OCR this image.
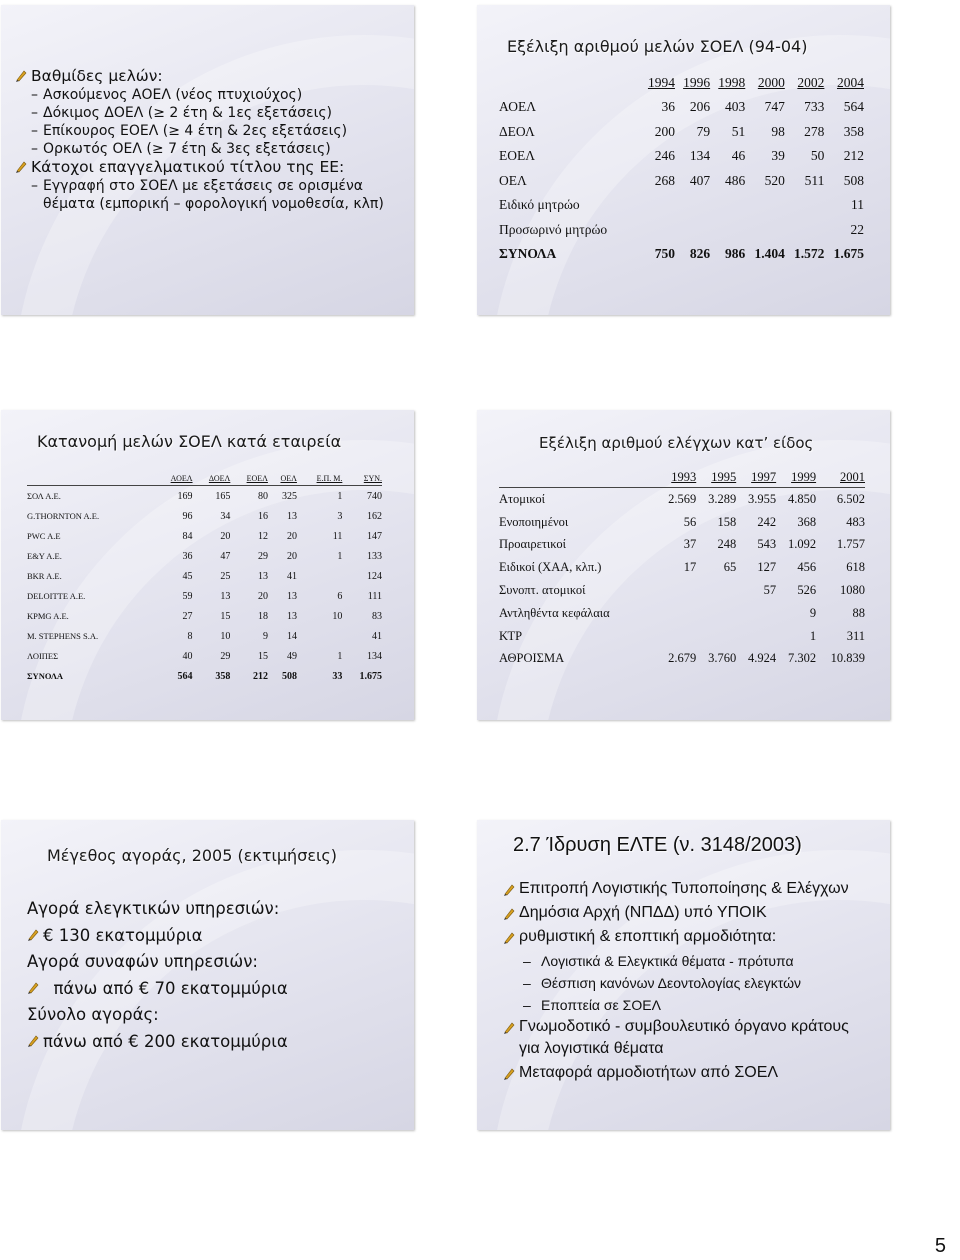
Βαθμίδες μελών:
– Ασκούμενος ΑΟΕΛ (νέος πτυχιούχος)
– Δόκιμος ΔΟΕΛ (≥ 2 έτη & 1ες εξετάσεις)
– Επίκουρος ΕΟΕΛ (≥ 4 έτη & 2ες εξετάσεις)
– Ορκωτός ΟΕΛ (≥ 7 έτη & 3ες εξετάσεις)
Κάτοχοι επαγγελματικού τίτλου της ΕΕ:
– Εγγραφή στο ΣΟΕΛ με εξετάσεις σε ορισμένα θέματα (εμπορική – φορολογική νομοθεσία, κλπ)
Εξέλιξη αριθμού μελών ΣΟΕΛ (94-04)
	1994	1996	1998	2000	2002	2004
ΑΟΕΛ	36	206	403	747	733	564
ΔΕΟΛ	200	79	51	98	278	358
ΕΟΕΛ	246	134	46	39	50	212
ΟΕΛ	268	407	486	520	511	508
Ειδικό μητρώο						11
Προσωρινό μητρώο						22
ΣΥΝΟΛΑ	750	826	986	1.404	1.572	1.675
Κατανομή μελών ΣΟΕΛ κατά εταιρεία
	ΑΟΕΛ	ΔΟΕΛ	ΕΟΕΛ	ΟΕΛ	Ε.Π. Μ.	ΣΥΝ.
ΣΟΛ Α.Ε.	169	165	80	325	1	740
G.THORNTON A.E.	96	34	16	13	3	162
PWC A.E	84	20	12	20	11	147
E&Y A.E.	36	47	29	20	1	133
BKR A.E.	45	25	13	41		124
DELOITTE A.E.	59	13	20	13	6	111
KPMG A.E.	27	15	18	13	10	83
M. STEPHENS S.A.	8	10	9	14		41
ΛΟΙΠΕΣ	40	29	15	49	1	134
ΣΥΝΟΛΑ	564	358	212	508	33	1.675
Εξέλιξη αριθμού ελέγχων κατ’ είδος
	1993	1995	1997	1999	2001
Ατομικοί	2.569	3.289	3.955	4.850	6.502
Ενοποιημένοι	56	158	242	368	483
Προαιρετικοί	37	248	543	1.092	1.757
Ειδικοί (ΧΑΑ, κλπ.)	17	65	127	456	618
Συνοπτ. ατομικοί			57	526	1080
Αντληθέντα κεφάλαια				9	88
ΚΤΡ				1	311
ΑΘΡΟΙΣΜΑ	2.679	3.760	4.924	7.302	10.839
Μέγεθος αγοράς, 2005 (εκτιμήσεις)
Αγορά ελεγκτικών υπηρεσιών:
€ 130 εκατομμύρια
Αγορά συναφών υπηρεσιών:
πάνω από € 70 εκατομμύρια
Σύνολο αγοράς:
πάνω από € 200 εκατομμύρια
2.7 Ίδρυση ΕΛΤΕ (ν. 3148/2003)
Επιτροπή Λογιστικής Τυποποίησης & Ελέγχων
Δημόσια Αρχή (ΝΠΔΔ) υπό ΥΠΟΙΚ
ρυθμιστική & εποπτική αρμοδιότητα:
– Λογιστικά & Ελεγκτικά θέματα - πρότυπα
– Θέσπιση κανόνων Δεοντολογίας ελεγκτών
– Εποπτεία σε ΣΟΕΛ
Γνωμοδοτικό - συμβουλευτικό όργανο κράτους για λογιστικά θέματα
Μεταφορά αρμοδιοτήτων από ΣΟΕΛ
5
